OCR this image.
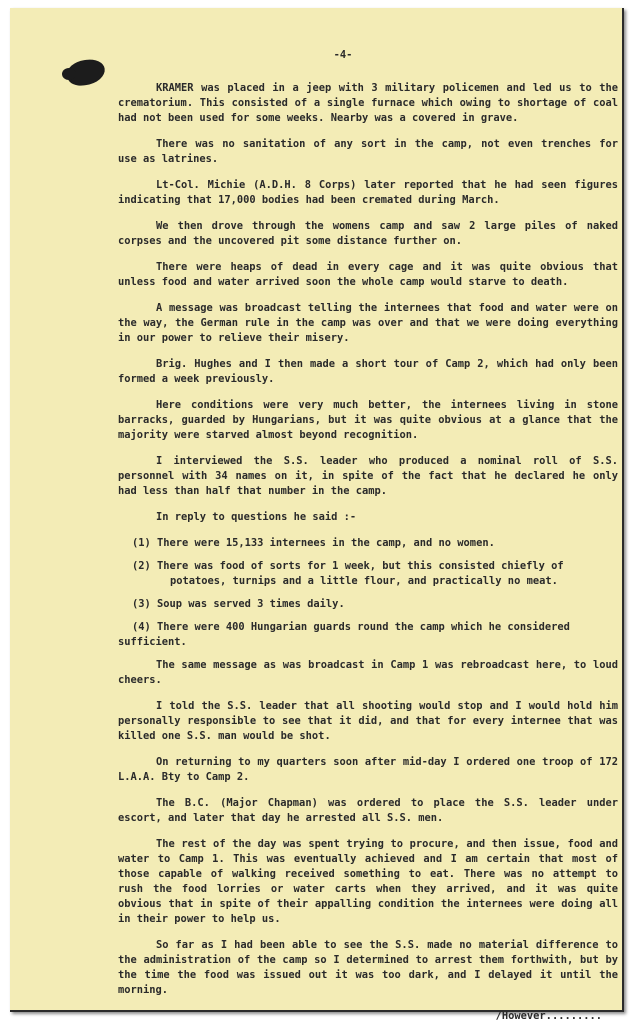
-4-

KRAMER was placed in a jeep with 3 military policemen and led us to the crematorium. This consisted of a single furnace which owing to shortage of coal had not been used for some weeks. Nearby was a covered in grave.

There was no sanitation of any sort in the camp, not even trenches for use as latrines.

Lt-Col. Michie (A.D.H. 8 Corps) later reported that he had seen figures indicating that 17,000 bodies had been cremated during March.

We then drove through the womens camp and saw 2 large piles of naked corpses and the uncovered pit some distance further on.

There were heaps of dead in every cage and it was quite obvious that unless food and water arrived soon the whole camp would starve to death.

A message was broadcast telling the internees that food and water were on the way, the German rule in the camp was over and that we were doing everything in our power to relieve their misery.

Brig. Hughes and I then made a short tour of Camp 2, which had only been formed a week previously.

Here conditions were very much better, the internees living in stone barracks, guarded by Hungarians, but it was quite obvious at a glance that the majority were starved almost beyond recognition.

I interviewed the S.S. leader who produced a nominal roll of S.S. personnel with 34 names on it, in spite of the fact that he declared he only had less than half that number in the camp.

In reply to questions he said :-

(1) There were 15,133 internees in the camp, and no women.

(2) There was food of sorts for 1 week, but this consisted chiefly of potatoes, turnips and a little flour, and practically no meat.

(3) Soup was served 3 times daily.

(4) There were 400 Hungarian guards round the camp which he considered sufficient.

The same message as was broadcast in Camp 1 was rebroadcast here, to loud cheers.

I told the S.S. leader that all shooting would stop and I would hold him personally responsible to see that it did, and that for every internee that was killed one S.S. man would be shot.

On returning to my quarters soon after mid-day I ordered one troop of 172 L.A.A. Bty to Camp 2.

The B.C. (Major Chapman) was ordered to place the S.S. leader under escort, and later that day he arrested all S.S. men.

The rest of the day was spent trying to procure, and then issue, food and water to Camp 1. This was eventually achieved and I am certain that most of those capable of walking received something to eat. There was no attempt to rush the food lorries or water carts when they arrived, and it was quite obvious that in spite of their appalling condition the internees were doing all in their power to help us.

So far as I had been able to see the S.S. made no material difference to the administration of the camp so I determined to arrest them forthwith, but by the time the food was issued out it was too dark, and I delayed it until the morning.

/However.........
